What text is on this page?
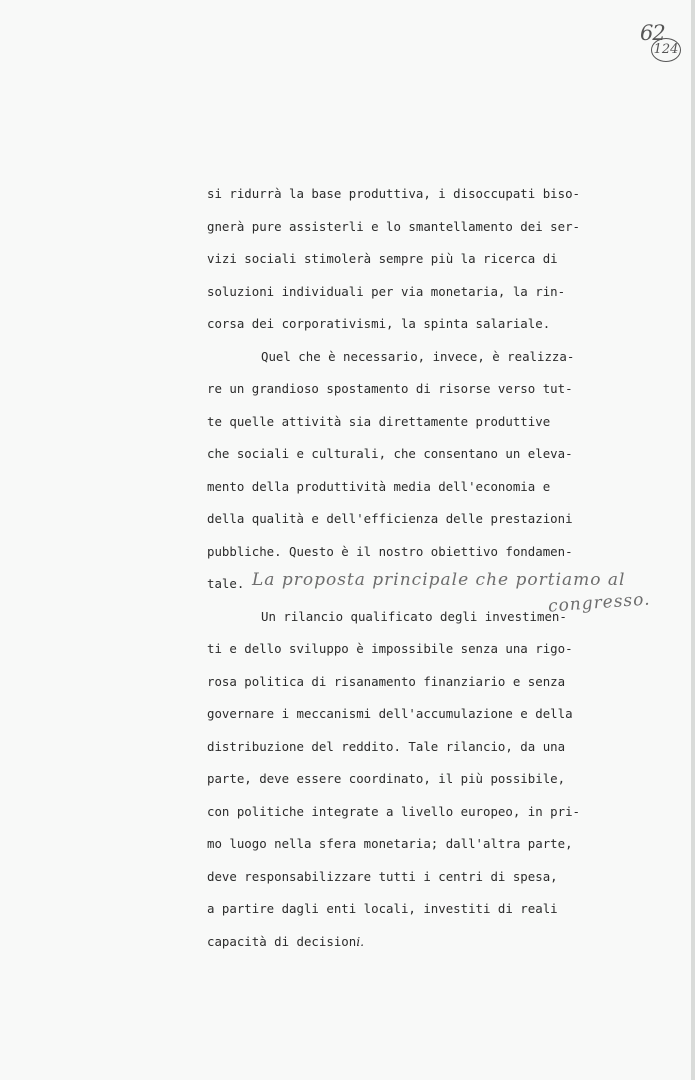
62
124
si ridurrà la base produttiva, i disoccupati biso-
gnerà pure assisterli e lo smantellamento dei ser-
vizi sociali stimolerà sempre più la ricerca di
soluzioni individuali per via monetaria, la rin-
corsa dei corporativismi, la spinta salariale.
Quel che è necessario, invece, è realizza-
re un grandioso spostamento di risorse verso tut-
te quelle attività sia direttamente produttive
che sociali e culturali, che consentano un eleva-
mento della produttività media dell'economia e
della qualità e dell'efficienza delle prestazioni
pubbliche. Questo è il nostro obiettivo fondamen-
tale.
Un rilancio qualificato degli investimen-
ti e dello sviluppo è impossibile senza una rigo-
rosa politica di risanamento finanziario e senza
governare i meccanismi dell'accumulazione e della
distribuzione del reddito. Tale rilancio, da una
parte, deve essere coordinato, il più possibile,
con politiche integrate a livello europeo, in pri-
mo luogo nella sfera monetaria; dall'altra parte,
deve responsabilizzare tutti i centri di spesa,
a partire dagli enti locali, investiti di reali
capacità di decisioni.
La proposta principale che portiamo al
congresso.
